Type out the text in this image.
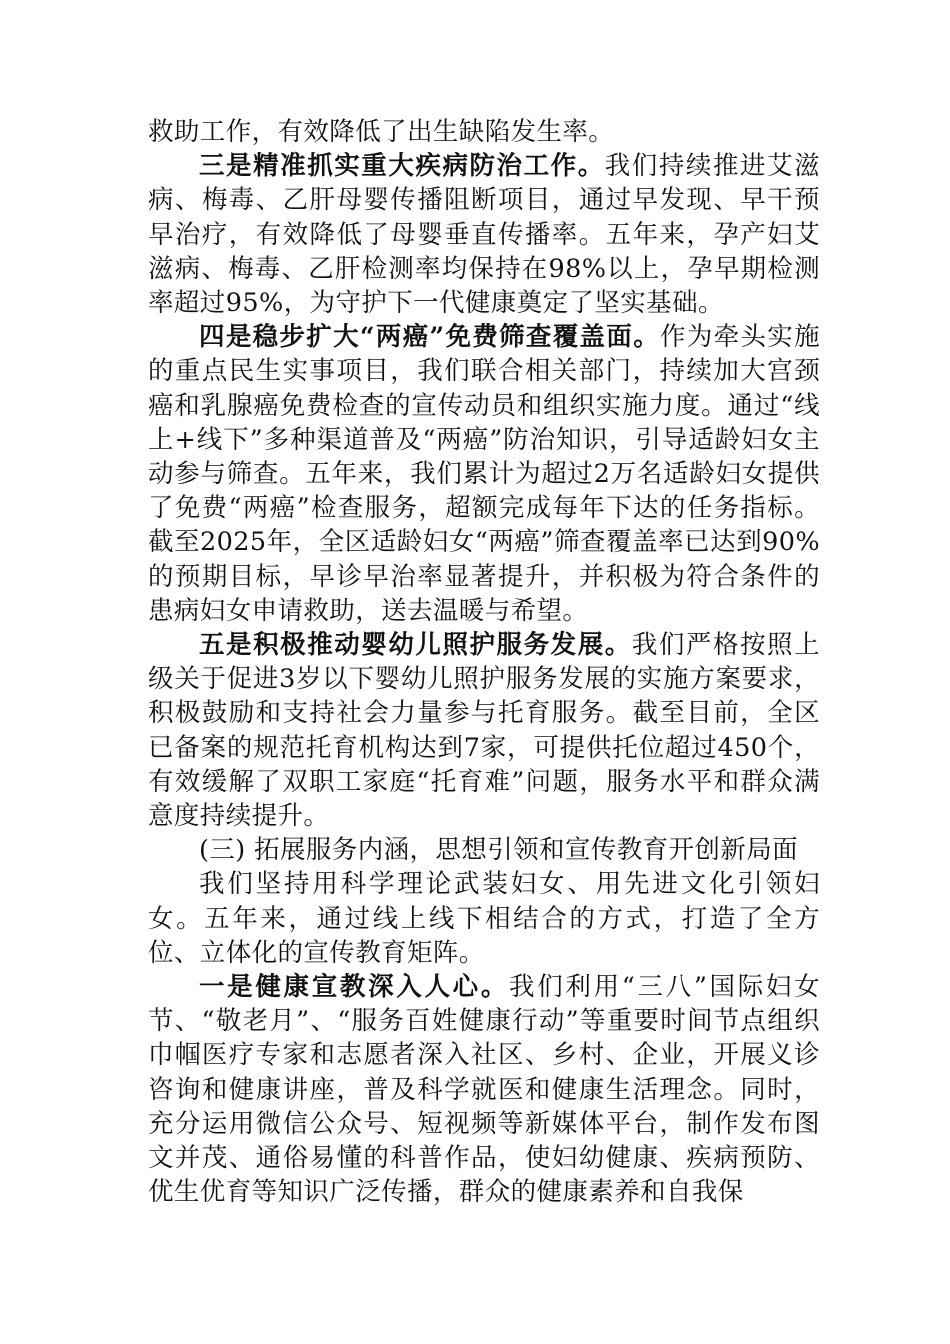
救助工作，有效降低了出生缺陷发生率。

三是精准抓实重大疾病防治工作。我们持续推进艾滋病、梅毒、乙肝母婴传播阻断项目，通过早发现、早干预早治疗，有效降低了母婴垂直传播率。五年来，孕产妇艾滋病、梅毒、乙肝检测率均保持在98%以上，孕早期检测率超过95%，为守护下一代健康奠定了坚实基础。

四是稳步扩大“两癌”免费筛查覆盖面。作为牵头实施的重点民生实事项目，我们联合相关部门，持续加大宫颈癌和乳腺癌免费检查的宣传动员和组织实施力度。通过“线上+线下”多种渠道普及“两癌”防治知识，引导适龄妇女主动参与筛查。五年来，我们累计为超过2万名适龄妇女提供了免费“两癌”检查服务，超额完成每年下达的任务指标。截至2025年，全区适龄妇女“两癌”筛查覆盖率已达到90%的预期目标，早诊早治率显著提升，并积极为符合条件的患病妇女申请救助，送去温暖与希望。

五是积极推动婴幼儿照护服务发展。我们严格按照上级关于促进3岁以下婴幼儿照护服务发展的实施方案要求，积极鼓励和支持社会力量参与托育服务。截至目前，全区已备案的规范托育机构达到7家，可提供托位超过450个，有效缓解了双职工家庭“托育难”问题，服务水平和群众满意度持续提升。

(三) 拓展服务内涵，思想引领和宣传教育开创新局面

我们坚持用科学理论武装妇女、用先进文化引领妇女。五年来，通过线上线下相结合的方式，打造了全方位、立体化的宣传教育矩阵。

一是健康宣教深入人心。我们利用“三八”国际妇女节、“敬老月”、“服务百姓健康行动”等重要时间节点组织巾帼医疗专家和志愿者深入社区、乡村、企业，开展义诊咨询和健康讲座，普及科学就医和健康生活理念。同时，充分运用微信公众号、短视频等新媒体平台，制作发布图文并茂、通俗易懂的科普作品，使妇幼健康、疾病预防、优生优育等知识广泛传播，群众的健康素养和自我保
